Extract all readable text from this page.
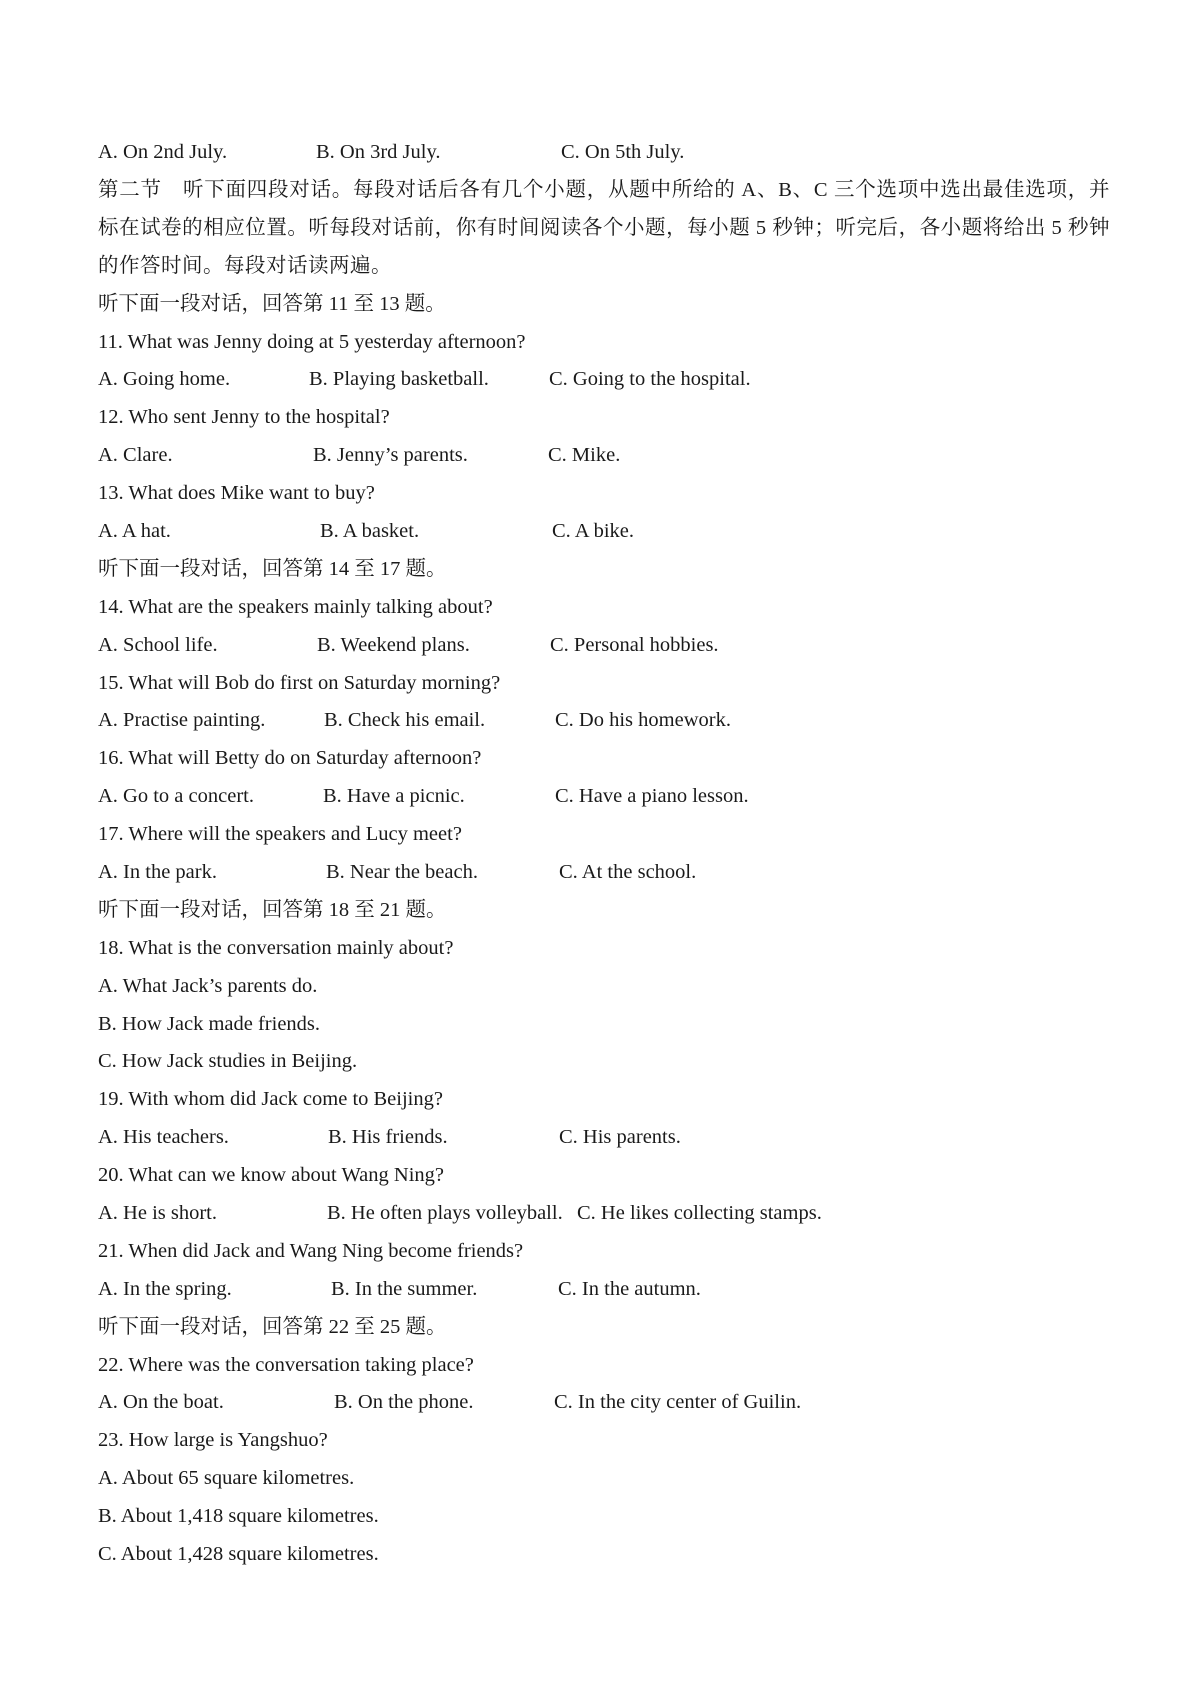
A. On 2nd July.	B. On 3rd July.	C. On 5th July.
第二节　听下面四段对话。每段对话后各有几个小题，从题中所给的 A、B、C 三个选项中选出最佳选项，并标在试卷的相应位置。听每段对话前，你有时间阅读各个小题，每小题 5 秒钟；听完后，各小题将给出 5 秒钟的作答时间。每段对话读两遍。
听下面一段对话，回答第 11 至 13 题。
11. What was Jenny doing at 5 yesterday afternoon?
A. Going home.	B. Playing basketball.	C. Going to the hospital.
12. Who sent Jenny to the hospital?
A. Clare.	B. Jenny’s parents.	C. Mike.
13. What does Mike want to buy?
A. A hat.	B. A basket.	C. A bike.
听下面一段对话，回答第 14 至 17 题。
14. What are the speakers mainly talking about?
A. School life.	B. Weekend plans.	C. Personal hobbies.
15. What will Bob do first on Saturday morning?
A. Practise painting.	B. Check his email.	C. Do his homework.
16. What will Betty do on Saturday afternoon?
A. Go to a concert.	B. Have a picnic.	C. Have a piano lesson.
17. Where will the speakers and Lucy meet?
A. In the park.	B. Near the beach.	C. At the school.
听下面一段对话，回答第 18 至 21 题。
18. What is the conversation mainly about?
A. What Jack’s parents do.
B. How Jack made friends.
C. How Jack studies in Beijing.
19. With whom did Jack come to Beijing?
A. His teachers.	B. His friends.	C. His parents.
20. What can we know about Wang Ning?
A. He is short.	B. He often plays volleyball. C. He likes collecting stamps.
21. When did Jack and Wang Ning become friends?
A. In the spring.	B. In the summer.	C. In the autumn.
听下面一段对话，回答第 22 至 25 题。
22. Where was the conversation taking place?
A. On the boat.	B. On the phone.	C. In the city center of Guilin.
23. How large is Yangshuo?
A. About 65 square kilometres.
B. About 1,418 square kilometres.
C. About 1,428 square kilometres.
